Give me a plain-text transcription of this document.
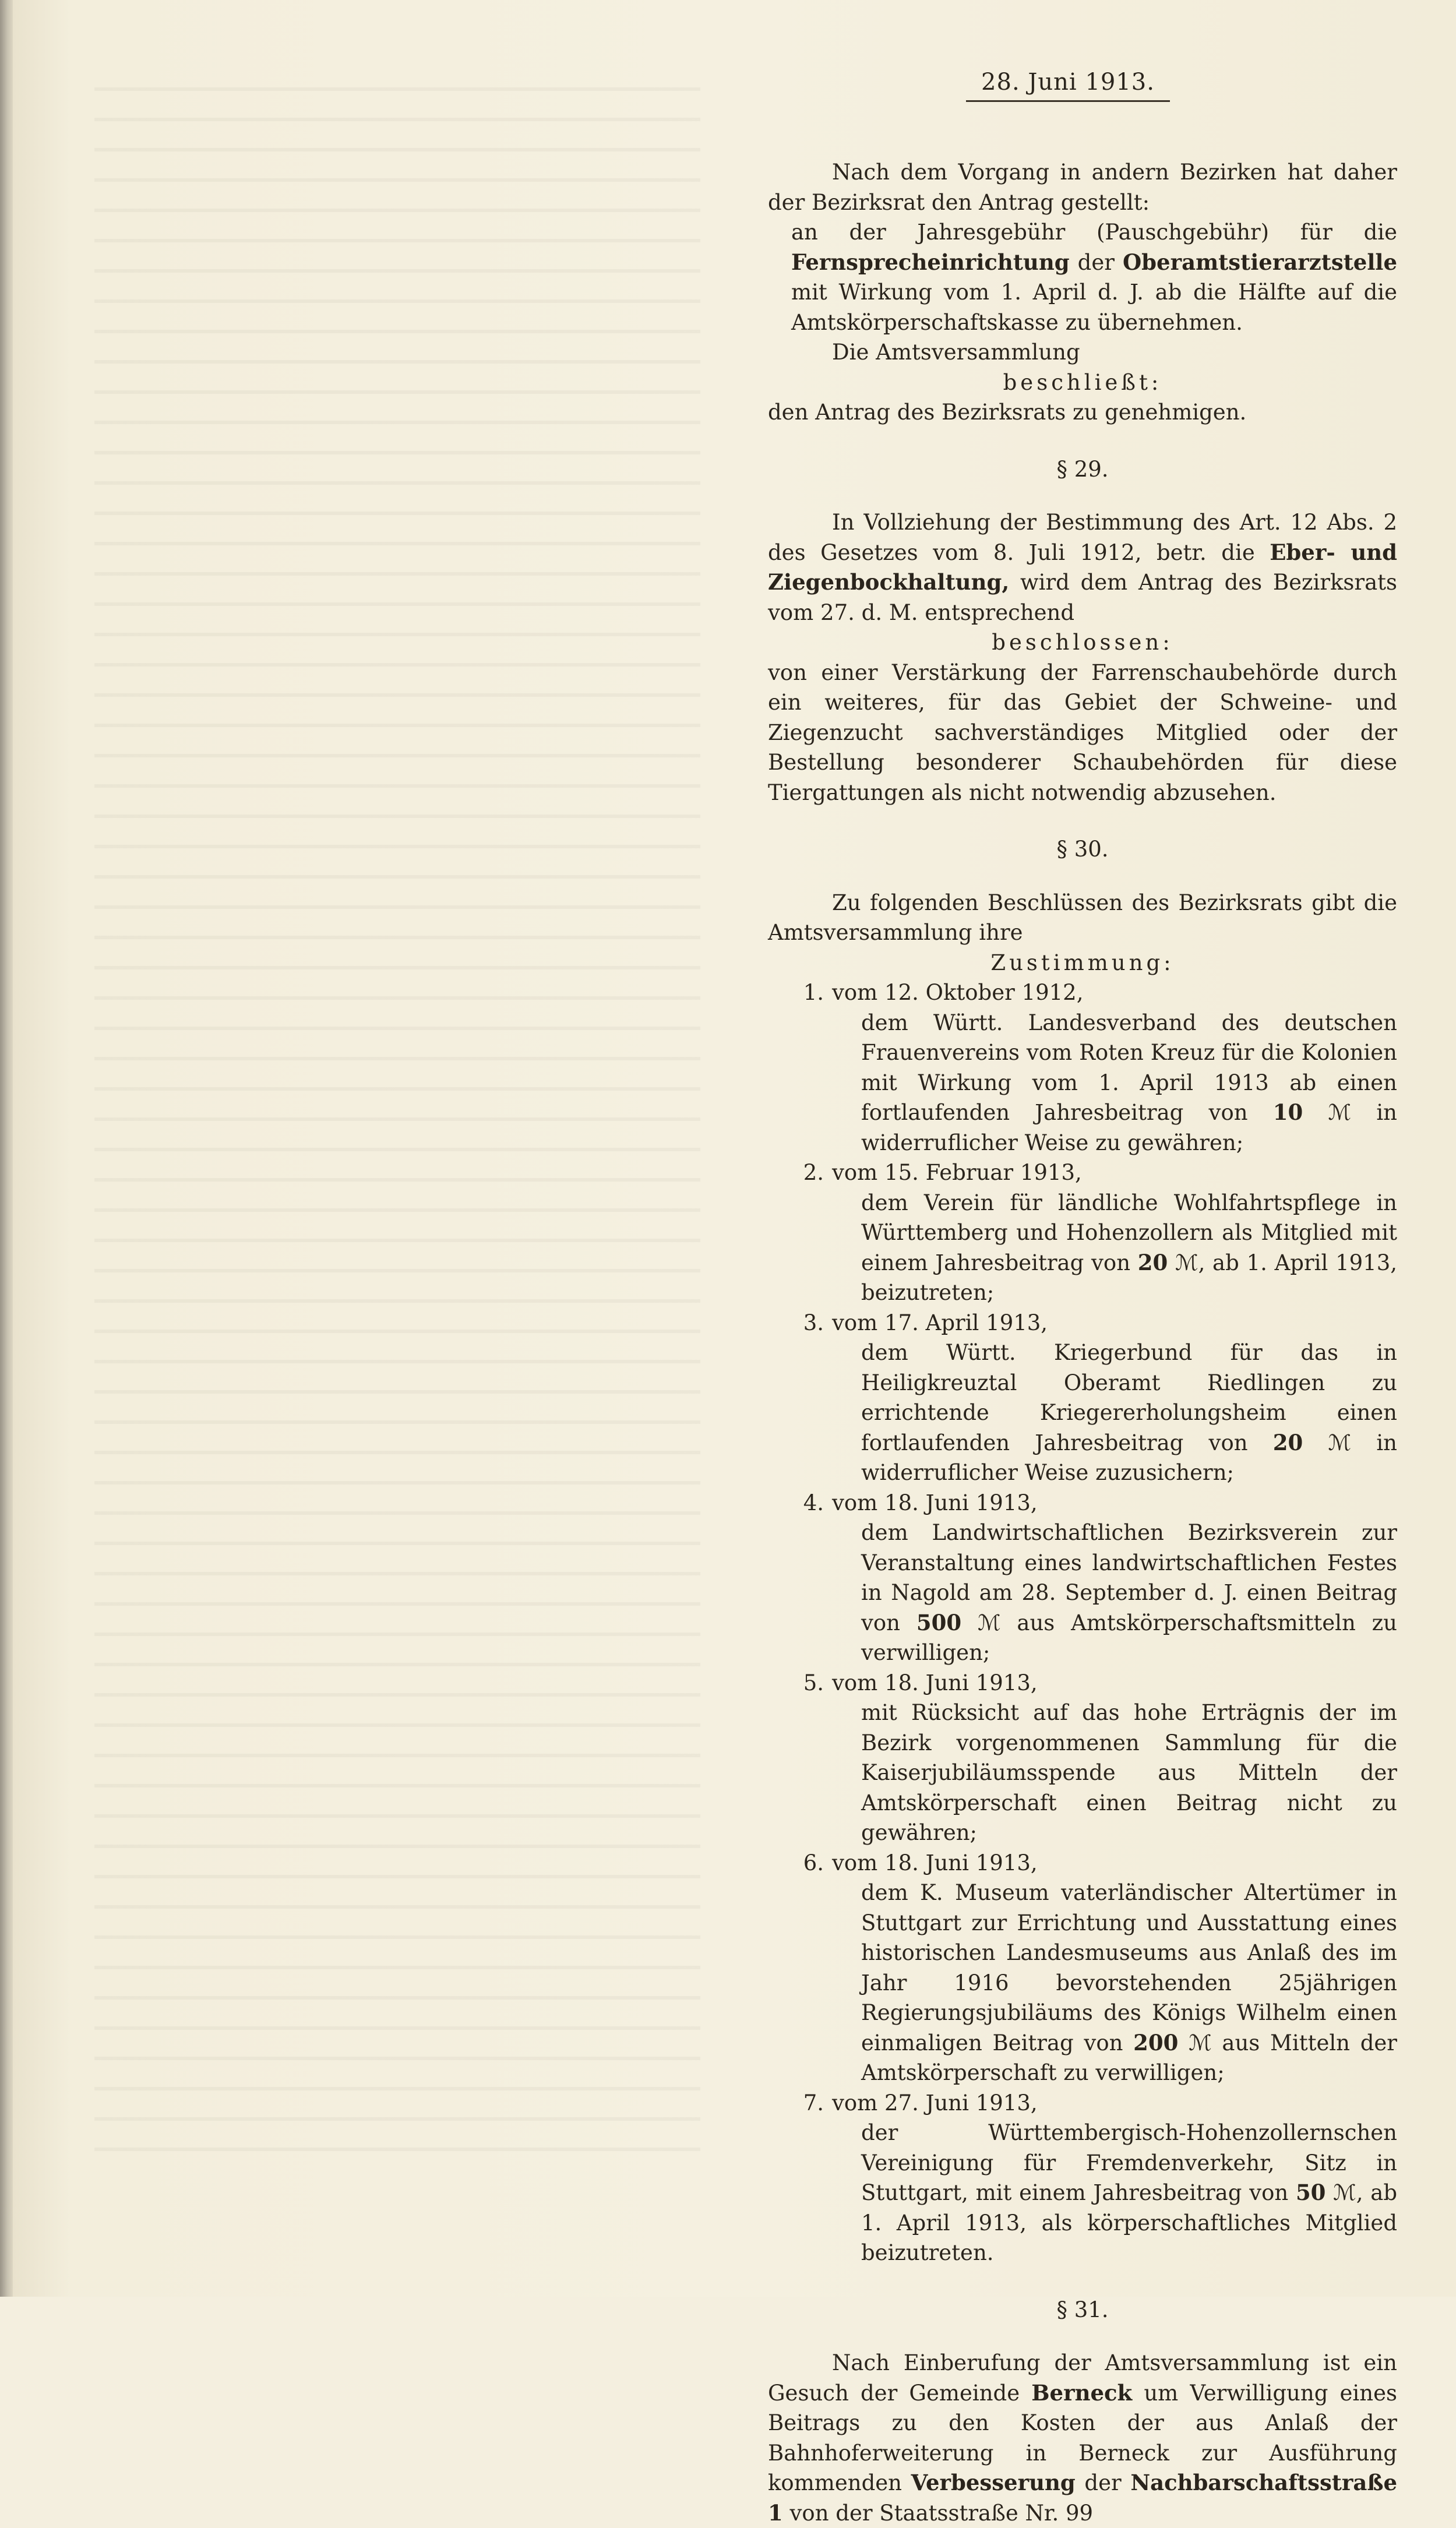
28. Juni 1913.

Nach dem Vorgang in andern Bezirken hat daher der Bezirksrat den Antrag gestellt:

an der Jahresgebühr (Pauschgebühr) für die Fernsprecheinrichtung der Oberamtstierarztstelle mit Wirkung vom 1. April d. J. ab die Hälfte auf die Amtskörperschaftskasse zu übernehmen.

Die Amtsversammlung

beschließt:

den Antrag des Bezirksrats zu genehmigen.

§ 29.

In Vollziehung der Bestimmung des Art. 12 Abs. 2 des Gesetzes vom 8. Juli 1912, betr. die Eber- und Ziegenbockhaltung, wird dem Antrag des Bezirksrats vom 27. d. M. entsprechend

beschlossen:

von einer Verstärkung der Farrenschaubehörde durch ein weiteres, für das Gebiet der Schweine- und Ziegenzucht sachverständiges Mitglied oder der Bestellung besonderer Schaubehörden für diese Tiergattungen als nicht notwendig abzusehen.

§ 30.

Zu folgenden Beschlüssen des Bezirksrats gibt die Amtsversammlung ihre

Zustimmung:

1. vom 12. Oktober 1912,

dem Württ. Landesverband des deutschen Frauenvereins vom Roten Kreuz für die Kolonien mit Wirkung vom 1. April 1913 ab einen fortlaufenden Jahresbeitrag von 10 ℳ in widerruflicher Weise zu gewähren;

2. vom 15. Februar 1913,

dem Verein für ländliche Wohlfahrtspflege in Württemberg und Hohenzollern als Mitglied mit einem Jahresbeitrag von 20 ℳ, ab 1. April 1913, beizutreten;

3. vom 17. April 1913,

dem Württ. Kriegerbund für das in Heiligkreuztal Oberamt Riedlingen zu errichtende Kriegererholungsheim einen fortlaufenden Jahresbeitrag von 20 ℳ in widerruflicher Weise zuzusichern;

4. vom 18. Juni 1913,

dem Landwirtschaftlichen Bezirksverein zur Veranstaltung eines landwirtschaftlichen Festes in Nagold am 28. September d. J. einen Beitrag von 500 ℳ aus Amtskörperschaftsmitteln zu verwilligen;

5. vom 18. Juni 1913,

mit Rücksicht auf das hohe Erträgnis der im Bezirk vorgenommenen Sammlung für die Kaiserjubiläumsspende aus Mitteln der Amtskörperschaft einen Beitrag nicht zu gewähren;

6. vom 18. Juni 1913,

dem K. Museum vaterländischer Altertümer in Stuttgart zur Errichtung und Ausstattung eines historischen Landesmuseums aus Anlaß des im Jahr 1916 bevorstehenden 25jährigen Regierungsjubiläums des Königs Wilhelm einen einmaligen Beitrag von 200 ℳ aus Mitteln der Amtskörperschaft zu verwilligen;

7. vom 27. Juni 1913,

der Württembergisch-Hohenzollernschen Vereinigung für Fremdenverkehr, Sitz in Stuttgart, mit einem Jahresbeitrag von 50 ℳ, ab 1. April 1913, als körperschaftliches Mitglied beizutreten.

§ 31.

Nach Einberufung der Amtsversammlung ist ein Gesuch der Gemeinde Berneck um Verwilligung eines Beitrags zu den Kosten der aus Anlaß der Bahnhoferweiterung in Berneck zur Ausführung kommenden Verbesserung der Nachbarschaftsstraße 1 von der Staatsstraße Nr. 99
